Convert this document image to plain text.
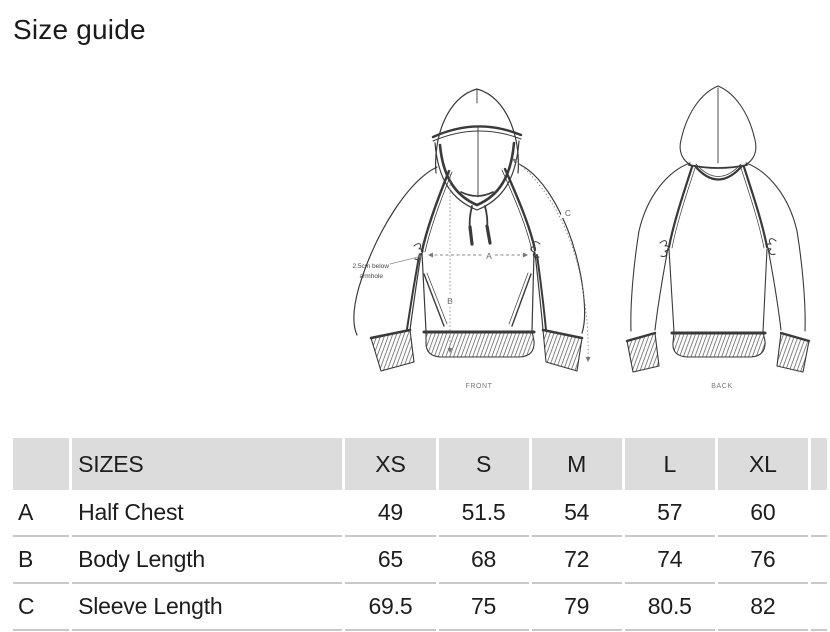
Size guide
A
B
C
2.5cm below
armhole
FRONT	BACK
	SIZES	XS	S	M	L	XL	
A	Half Chest	49	51.5	54	57	60	
B	Body Length	65	68	72	74	76	
C	Sleeve Length	69.5	75	79	80.5	82	
